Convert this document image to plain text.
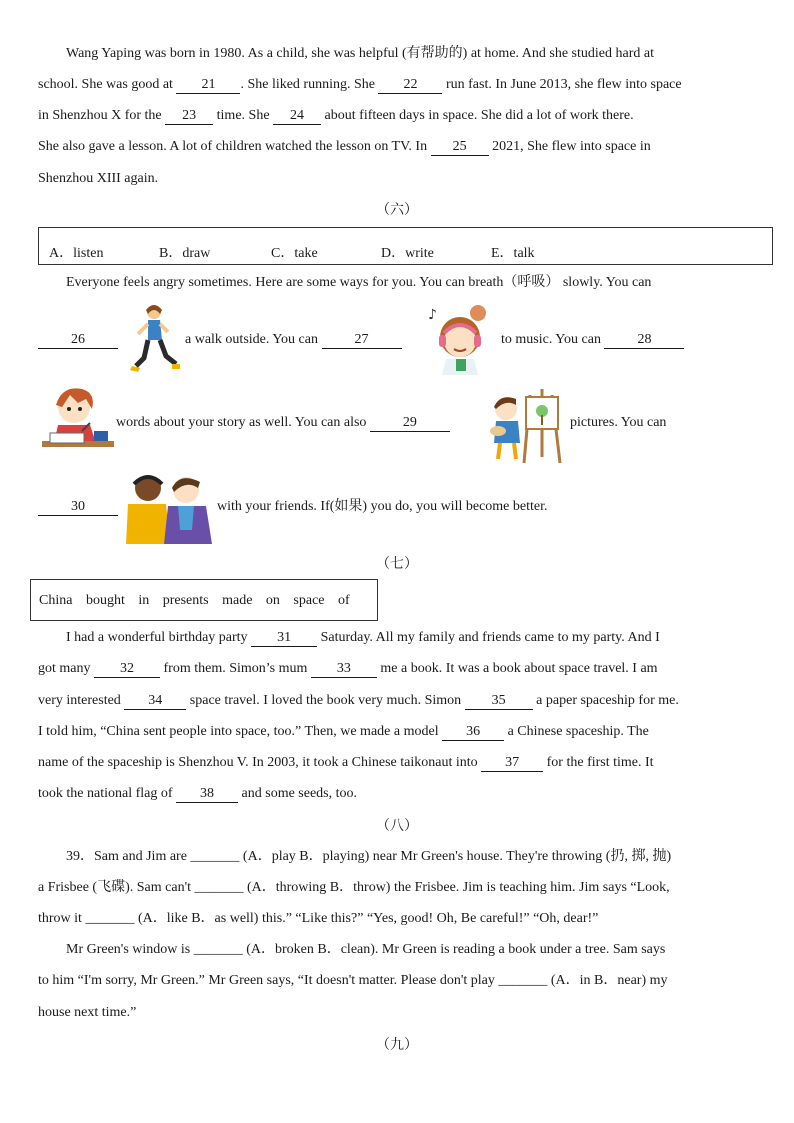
Wang Yaping was born in 1980. As a child, she was helpful (有帮助的) at home. And she studied hard at
school. She was good at 21 . She liked running. She 22 run fast. In June 2013, she flew into space
in Shenzhou X for the 23 time. She 24 about fifteen days in space. She did a lot of work there.
She also gave a lesson. A lot of children watched the lesson on TV. In 25 2021, She flew into space in
Shenzhou XIII again.
（六）
A．listen	B．draw	C．take	D．write	E．talk
Everyone feels angry sometimes. Here are some ways for you. You can breath（呼吸） slowly. You can
26	a walk outside. You can	27
♪
to music. You can	28
words about your story as well. You can also	29	pictures. You can
30	with your friends. If(如果) you do, you will become better.
（七）
China bought in presents made on space of
I had a wonderful birthday party 31 Saturday. All my family and friends came to my party. And I
got many 32 from them. Simon’s mum 33 me a book. It was a book about space travel. I am
very interested 34 space travel. I loved the book very much. Simon 35 a paper spaceship for me.
I told him, “China sent people into space, too.” Then, we made a model 36 a Chinese spaceship. The
name of the spaceship is Shenzhou V. In 2003, it took a Chinese taikonaut into 37 for the first time. It
took the national flag of 38 and some seeds, too.
（八）
39．Sam and Jim are _______ (A．play B．playing) near Mr Green's house. They're throwing (扔, 掷, 抛)
a Frisbee (飞碟). Sam can't _______ (A．throwing B．throw) the Frisbee. Jim is teaching him. Jim says “Look,
throw it _______ (A．like B．as well) this.” “Like this?” “Yes, good! Oh, Be careful!” “Oh, dear!”
Mr Green's window is _______ (A．broken B．clean). Mr Green is reading a book under a tree. Sam says
to him “I'm sorry, Mr Green.” Mr Green says, “It doesn't matter. Please don't play _______ (A．in B．near) my
house next time.”
（九）
